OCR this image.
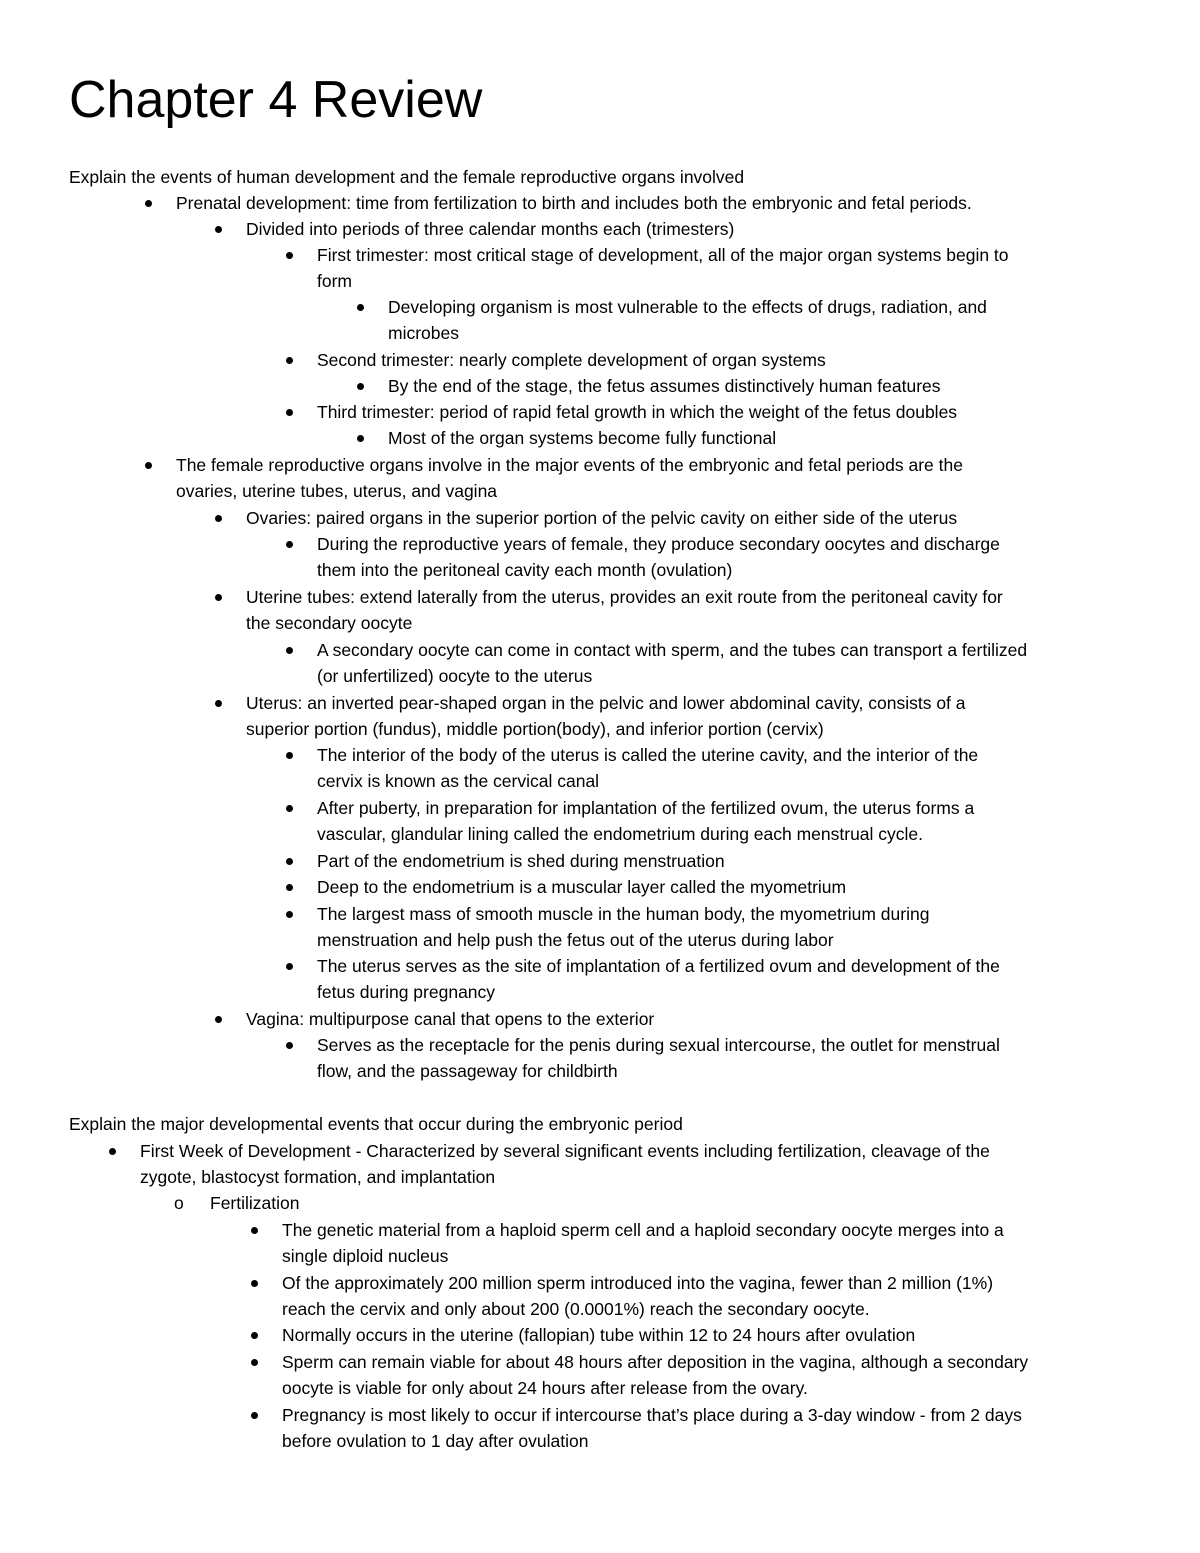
Chapter 4 Review
Explain the events of human development and the female reproductive organs involved
Prenatal development: time from fertilization to birth and includes both the embryonic and fetal periods.
Divided into periods of three calendar months each (trimesters)
First trimester: most critical stage of development, all of the major organ systems begin to
form
Developing organism is most vulnerable to the effects of drugs, radiation, and
microbes
Second trimester: nearly complete development of organ systems
By the end of the stage, the fetus assumes distinctively human features
Third trimester: period of rapid fetal growth in which the weight of the fetus doubles
Most of the organ systems become fully functional
The female reproductive organs involve in the major events of the embryonic and fetal periods are the
ovaries, uterine tubes, uterus, and vagina
Ovaries: paired organs in the superior portion of the pelvic cavity on either side of the uterus
During the reproductive years of female, they produce secondary oocytes and discharge
them into the peritoneal cavity each month (ovulation)
Uterine tubes: extend laterally from the uterus, provides an exit route from the peritoneal cavity for
the secondary oocyte
A secondary oocyte can come in contact with sperm, and the tubes can transport a fertilized
(or unfertilized) oocyte to the uterus
Uterus: an inverted pear-shaped organ in the pelvic and lower abdominal cavity, consists of a
superior portion (fundus), middle portion(body), and inferior portion (cervix)
The interior of the body of the uterus is called the uterine cavity, and the interior of the
cervix is known as the cervical canal
After puberty, in preparation for implantation of the fertilized ovum, the uterus forms a
vascular, glandular lining called the endometrium during each menstrual cycle.
Part of the endometrium is shed during menstruation
Deep to the endometrium is a muscular layer called the myometrium
The largest mass of smooth muscle in the human body, the myometrium during
menstruation and help push the fetus out of the uterus during labor
The uterus serves as the site of implantation of a fertilized ovum and development of the
fetus during pregnancy
Vagina: multipurpose canal that opens to the exterior
Serves as the receptacle for the penis during sexual intercourse, the outlet for menstrual
flow, and the passageway for childbirth
Explain the major developmental events that occur during the embryonic period
First Week of Development - Characterized by several significant events including fertilization, cleavage of the
zygote, blastocyst formation, and implantation
o Fertilization
The genetic material from a haploid sperm cell and a haploid secondary oocyte merges into a
single diploid nucleus
Of the approximately 200 million sperm introduced into the vagina, fewer than 2 million (1%)
reach the cervix and only about 200 (0.0001%) reach the secondary oocyte.
Normally occurs in the uterine (fallopian) tube within 12 to 24 hours after ovulation
Sperm can remain viable for about 48 hours after deposition in the vagina, although a secondary
oocyte is viable for only about 24 hours after release from the ovary.
Pregnancy is most likely to occur if intercourse that’s place during a 3-day window - from 2 days
before ovulation to 1 day after ovulation
